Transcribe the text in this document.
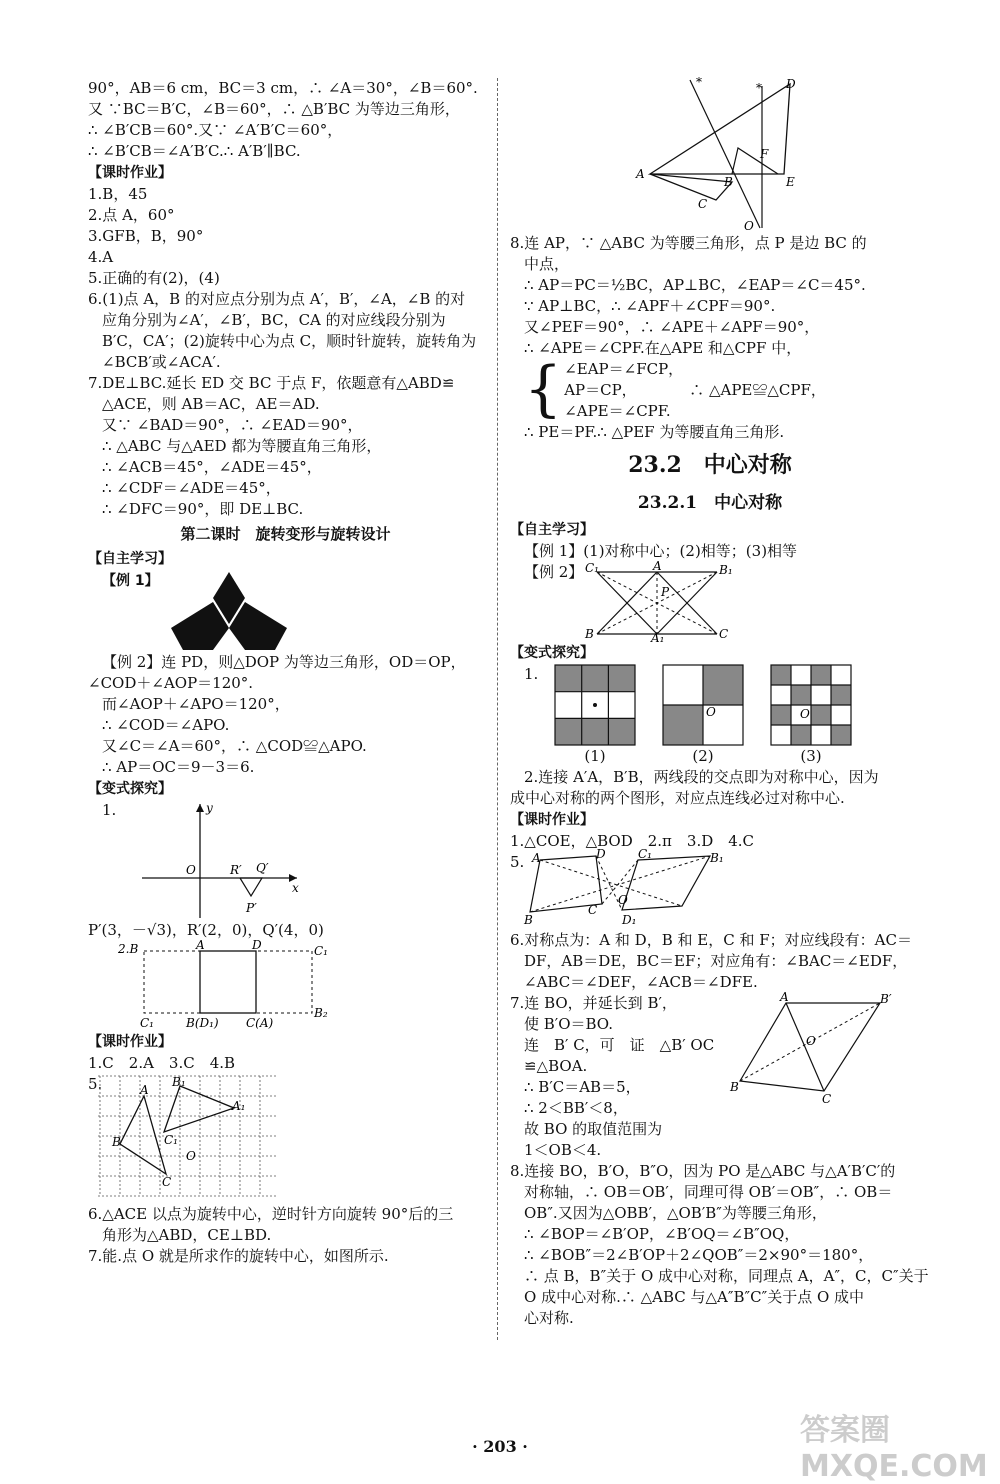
90°，AB＝6 cm，BC＝3 cm，∴ ∠A＝30°，∠B＝60°.
又 ∵BC＝B′C，∠B＝60°，∴ △B′BC 为等边三角形，
∴ ∠B′CB＝60°.又∵ ∠A′B′C＝60°，
∴ ∠B′CB＝∠A′B′C.∴ A′B′∥BC.
【课时作业】
1.B，45
2.点 A，60°
3.GFB，B，90°
4.A
5.正确的有(2)，(4)
6.(1)点 A，B 的对应点分别为点 A′，B′，∠A，∠B 的对
应角分别为∠A′，∠B′，BC，CA 的对应线段分别为
B′C，CA′；(2)旋转中心为点 C，顺时针旋转，旋转角为
∠BCB′或∠ACA′.
7.DE⊥BC.延长 ED 交 BC 于点 F，依题意有△ABD≌
△ACE，则 AB＝AC，AE＝AD.
又∵ ∠BAD＝90°，∴ ∠EAD＝90°，
∴ △ABC 与△AED 都为等腰直角三角形，
∴ ∠ACB＝45°，∠ADE＝45°，
∴ ∠CDF＝∠ADE＝45°，
∴ ∠DFC＝90°，即 DE⊥BC.
第二课时　旋转变形与旋转设计
【自主学习】
【例 1】
【例 2】连 PD，则△DOP 为等边三角形，OD＝OP，
∠COD＋∠AOP＝120°.
而∠AOP＋∠APO＝120°，
∴ ∠COD＝∠APO.
又∠C＝∠A＝60°，∴ △COD≌△APO.
∴ AP＝OC＝9－3＝6.
【变式探究】
1.	y
x
O	R′ Q′
P′
P′(3，－√3)，R′(2，0)，Q′(4，0)
2.B	A	D	C₁
B₂
C₁	B(D₁) C(A)
【课时作业】
1.C　2.A　3.C　4.B
5.	A
B
C
B₁
A₁
C₁
O
6.△ACE 以点为旋转中心，逆时针方向旋转 90°后的三
角形为△ABD，CE⊥BD.
7.能.点 O 就是所求作的旋转中心，如图所示.
*	* D
A
B
C
E
F
O
8.连 AP，∵ △ABC 为等腰三角形，点 P 是边 BC 的
中点，
∴ AP＝PC＝½BC，AP⊥BC，∠EAP＝∠C＝45°.
∵ AP⊥BC，∴ ∠APF＋∠CPF＝90°.
又∠PEF＝90°，∴ ∠APE＋∠APF＝90°，
∴ ∠APE＝∠CPF.在△APE 和△CPF 中，
{ ∠EAP＝∠FCP，
AP＝CP，　　　　∴ △APE≌△CPF，
∠APE＝∠CPF.
∴ PE＝PF.∴ △PEF 为等腰直角三角形.
23.2　中心对称
23.2.1　中心对称
【自主学习】
【例 1】(1)对称中心；(2)相等；(3)相等
【例 2】 C₁	A	B₁
P
B	A₁	C
【变式探究】
1.
(1)
O
(2)
O
(3)
2.连接 A′A，B′B，两线段的交点即为对称中心，因为
成中心对称的两个图形，对应点连线必过对称中心.
【课时作业】
1.△COE，△BOD　2.π　3.D　4.C
5. A	D	C₁	B₁
B
C
O
D₁
6.对称点为：A 和 D，B 和 E，C 和 F；对应线段有：AC＝
DF，AB＝DE，BC＝EF；对应角有：∠BAC＝∠EDF，
∠ABC＝∠DEF，∠ACB＝∠DFE.
7.连 BO，并延长到 B′，
使 B′O＝BO.
连　B′ C，可　证　△B′ OC
≌△BOA.
∴ B′C＝AB＝5，
∴ 2＜BB′＜8，
故 BO 的取值范围为
1＜OB＜4.
A	B′
O
B
C
8.连接 BO，B′O，B″O，因为 PO 是△ABC 与△A′B′C′的
对称轴，∴ OB＝OB′，同理可得 OB′＝OB″，∴ OB＝
OB″.又因为△OBB′，△OB′B″为等腰三角形，
∴ ∠BOP＝∠B′OP，∠B′OQ＝∠B″OQ，
∴ ∠BOB″＝2∠B′OP＋2∠QOB″＝2×90°＝180°，
∴ 点 B，B″关于 O 成中心对称，同理点 A，A″，C，C″关于
O 成中心对称.∴ △ABC 与△A″B″C″关于点 O 成中
心对称.
· 203 ·	答案圈 MXQE.COM
